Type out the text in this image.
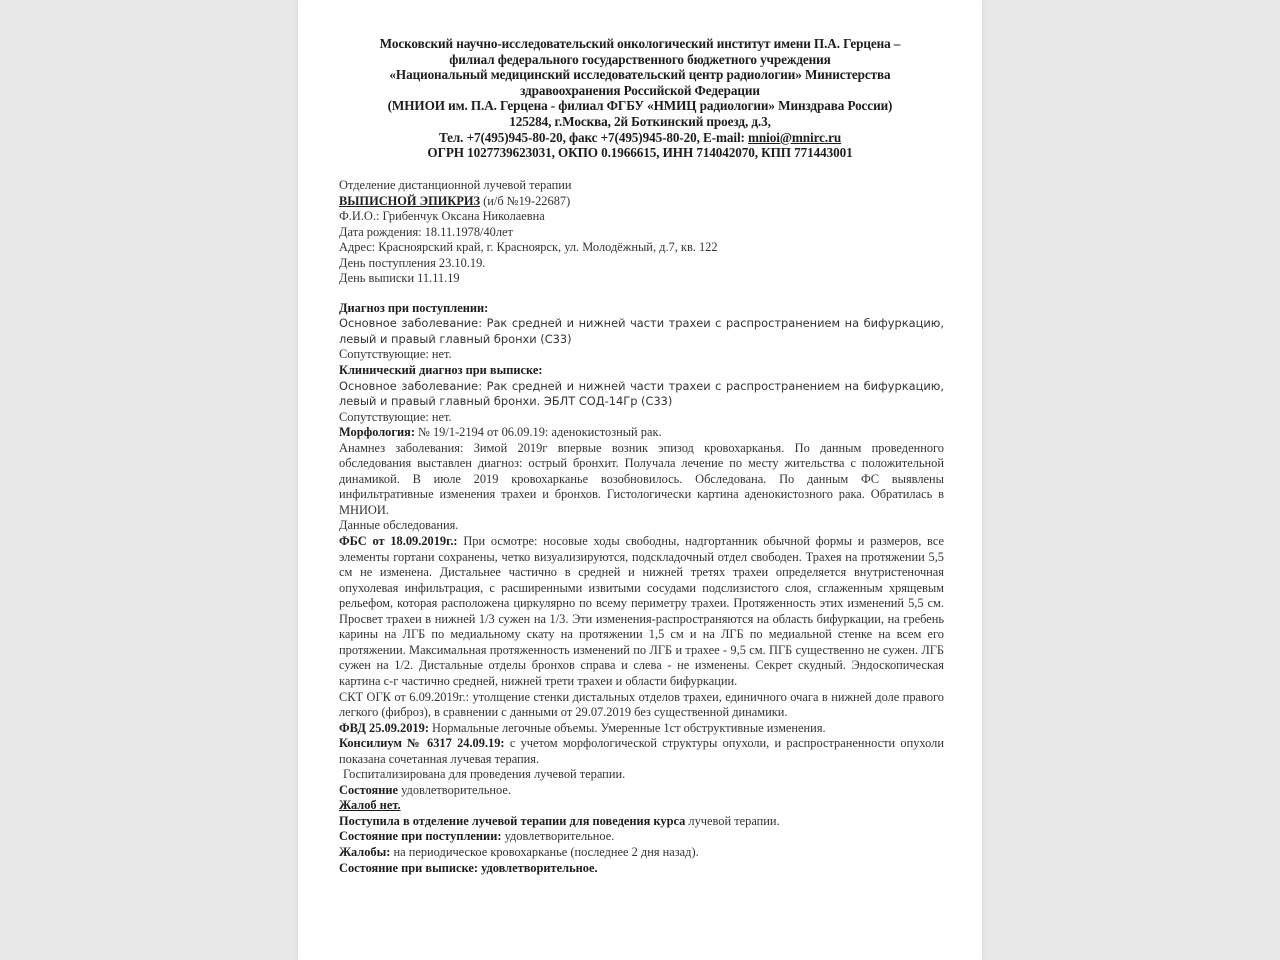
Московский научно-исследовательский онкологический институт имени П.А. Герцена –
филиал федерального государственного бюджетного учреждения
«Национальный медицинский исследовательский центр радиологии» Министерства
здравоохранения Российской Федерации
(МНИОИ им. П.А. Герцена - филиал ФГБУ «НМИЦ радиологии» Минздрава России)
125284, г.Москва, 2й Боткинский проезд, д.3,
Тел. +7(495)945-80-20, факс +7(495)945-80-20, E-mail: mnioi@mnirc.ru
ОГРН 1027739623031, ОКПО 0.1966615, ИНН 714042070, КПП 771443001

Отделение дистанционной лучевой терапии

ВЫПИСНОЙ ЭПИКРИЗ (и/б №19-22687)

Ф.И.О.: Грибенчук Оксана Николаевна

Дата рождения: 18.11.1978/40лет

Адрес: Красноярский край, г. Красноярск, ул. Молодёжный, д.7, кв. 122

День поступления 23.10.19.

День выписки 11.11.19

Диагноз при поступлении:

Основное заболевание: Рак средней и нижней части трахеи с распространением на бифуркацию, левый и правый главный бронхи (С33)

Сопутствующие: нет.

Клинический диагноз при выписке:

Основное заболевание: Рак средней и нижней части трахеи с распространением на бифуркацию, левый и правый главный бронхи. ЭБЛТ СОД-14Гр (С33)

Сопутствующие: нет.

Морфология: № 19/1-2194 от 06.09.19: аденокистозный рак.

Анамнез заболевания: Зимой 2019г впервые возник эпизод кровохарканья. По данным проведенного обследования выставлен диагноз: острый бронхит. Получала лечение по месту жительства с положительной динамикой. В июле 2019 кровохарканье возобновилось. Обследована. По данным ФС выявлены инфильтративные изменения трахеи и бронхов. Гистологически картина аденокистозного рака. Обратилась в МНИОИ.

Данные обследования.

ФБС от 18.09.2019г.: При осмотре: носовые ходы свободны, надгортанник обычной формы и размеров, все элементы гортани сохранены, четко визуализируются, подскладочный отдел свободен. Трахея на протяжении 5,5 см не изменена. Дистальнее частично в средней и нижней третях трахеи определяется внутристеночная опухолевая инфильтрация, с расширенными извитыми сосудами подслизистого слоя, сглаженным хрящевым рельефом, которая расположена циркулярно по всему периметру трахеи. Протяженность этих изменений 5,5 см. Просвет трахеи в нижней 1/3 сужен на 1/3. Эти изменения-распространяются на область бифуркации, на гребень карины на ЛГБ по медиальному скату на протяжении 1,5 см и на ЛГБ по медиальной стенке на всем его протяжении. Максимальная протяженность изменений по ЛГБ и трахее - 9,5 см. ПГБ существенно не сужен. ЛГБ сужен на 1/2. Дистальные отделы бронхов справа и слева - не изменены. Секрет скудный. Эндоскопическая картина с-г частично средней, нижней трети трахеи и области бифуркации.

СКТ ОГК от 6.09.2019г.: утолщение стенки дистальных отделов трахеи, единичного очага в нижней доле правого легкого (фиброз), в сравнении с данными от 29.07.2019 без существенной динамики.

ФВД 25.09.2019: Нормальные легочные объемы. Умеренные 1ст обструктивные изменения.

Консилиум № 6317 24.09.19: с учетом морфологической структуры опухоли, и распространенности опухоли показана сочетанная лучевая терапия.

Госпитализирована для проведения лучевой терапии.

Состояние удовлетворительное.

Жалоб нет.

Поступила в отделение лучевой терапии для поведения курса лучевой терапии.

Состояние при поступлении: удовлетворительное.

Жалобы: на периодическое кровохарканье (последнее 2 дня назад).

Состояние при выписке: удовлетворительное.
